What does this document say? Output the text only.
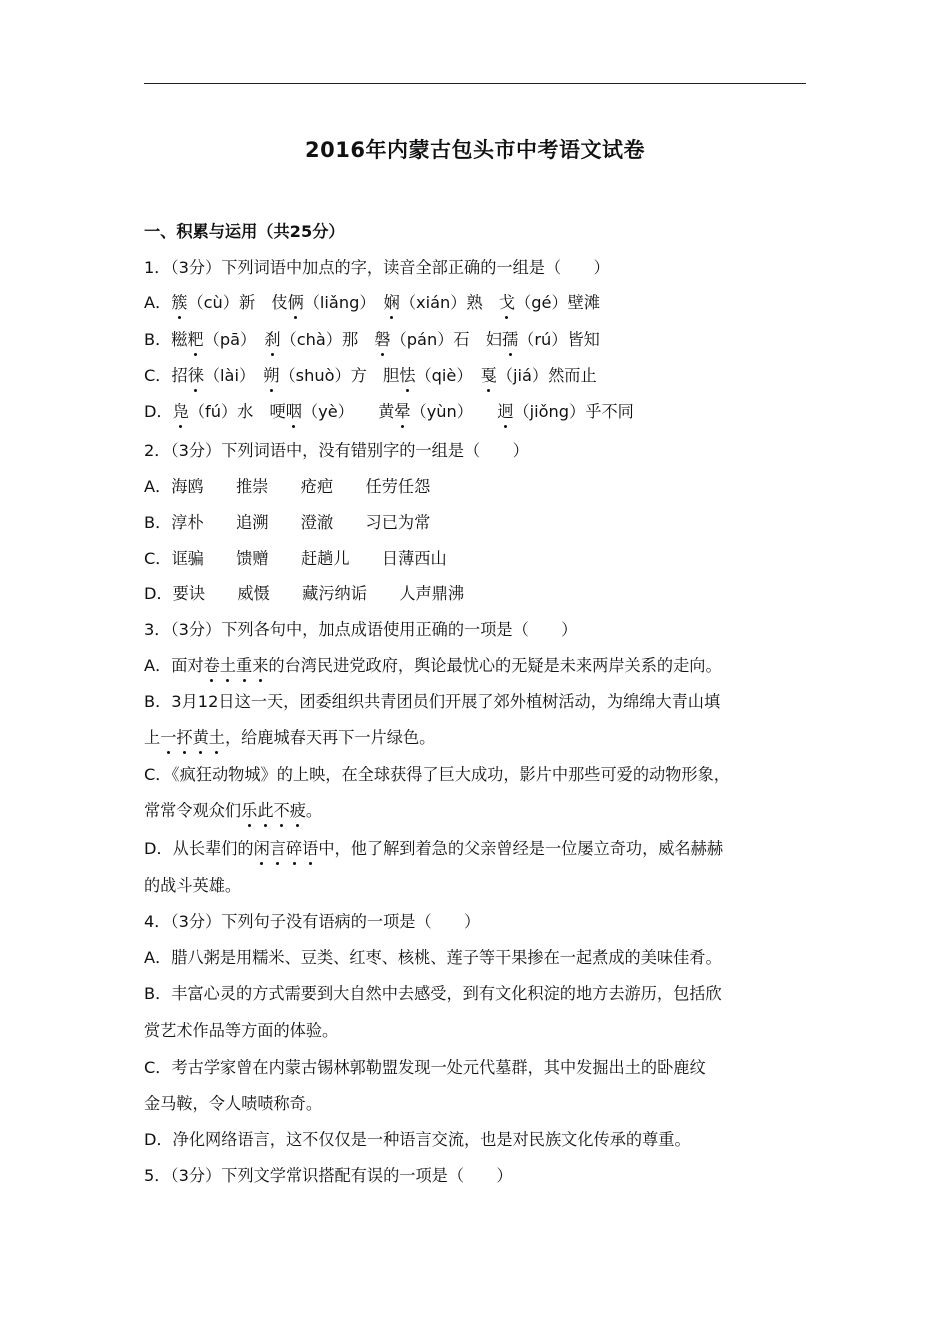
2016年内蒙古包头市中考语文试卷
一、积累与运用（共25分）
1．（3分）下列词语中加点的字，读音全部正确的一组是（　　）
A．簇（cù）新　伎俩（liǎng）　娴（xián）熟　戈（gé）壁滩
B．糍粑（pā）　刹（chà）那　磐（pán）石　妇孺（rú）皆知
C．招徕（lài）　朔（shuò）方　胆怯（qiè）　戛（jiá）然而止
D．凫（fú）水　哽咽（yè）　　黄晕（yùn）　　迥（jiǒng）乎不同
2．（3分）下列词语中，没有错别字的一组是（　　）
A．海鸥　　推崇　　疮疤　　任劳任怨
B．淳朴　　追溯　　澄澈　　习已为常
C．诓骗　　馈赠　　赶趟儿　　日薄西山
D．要诀　　威慑　　藏污纳诟　　人声鼎沸
3．（3分）下列各句中，加点成语使用正确的一项是（　　）
A．面对卷土重来的台湾民进党政府，舆论最忧心的无疑是未来两岸关系的走向。
B．3月12日这一天，团委组织共青团员们开展了郊外植树活动，为绵绵大青山填
上一抔黄土，给鹿城春天再下一片绿色。
C．《疯狂动物城》的上映，在全球获得了巨大成功，影片中那些可爱的动物形象，
常常令观众们乐此不疲。
D．从长辈们的闲言碎语中，他了解到着急的父亲曾经是一位屡立奇功，威名赫赫
的战斗英雄。
4．（3分）下列句子没有语病的一项是（　　）
A．腊八粥是用糯米、豆类、红枣、核桃、莲子等干果掺在一起煮成的美味佳肴。
B．丰富心灵的方式需要到大自然中去感受，到有文化积淀的地方去游历，包括欣
赏艺术作品等方面的体验。
C．考古学家曾在内蒙古锡林郭勒盟发现一处元代墓群，其中发掘出土的卧鹿纹
金马鞍，令人啧啧称奇。
D．净化网络语言，这不仅仅是一种语言交流，也是对民族文化传承的尊重。
5．（3分）下列文学常识搭配有误的一项是（　　）
